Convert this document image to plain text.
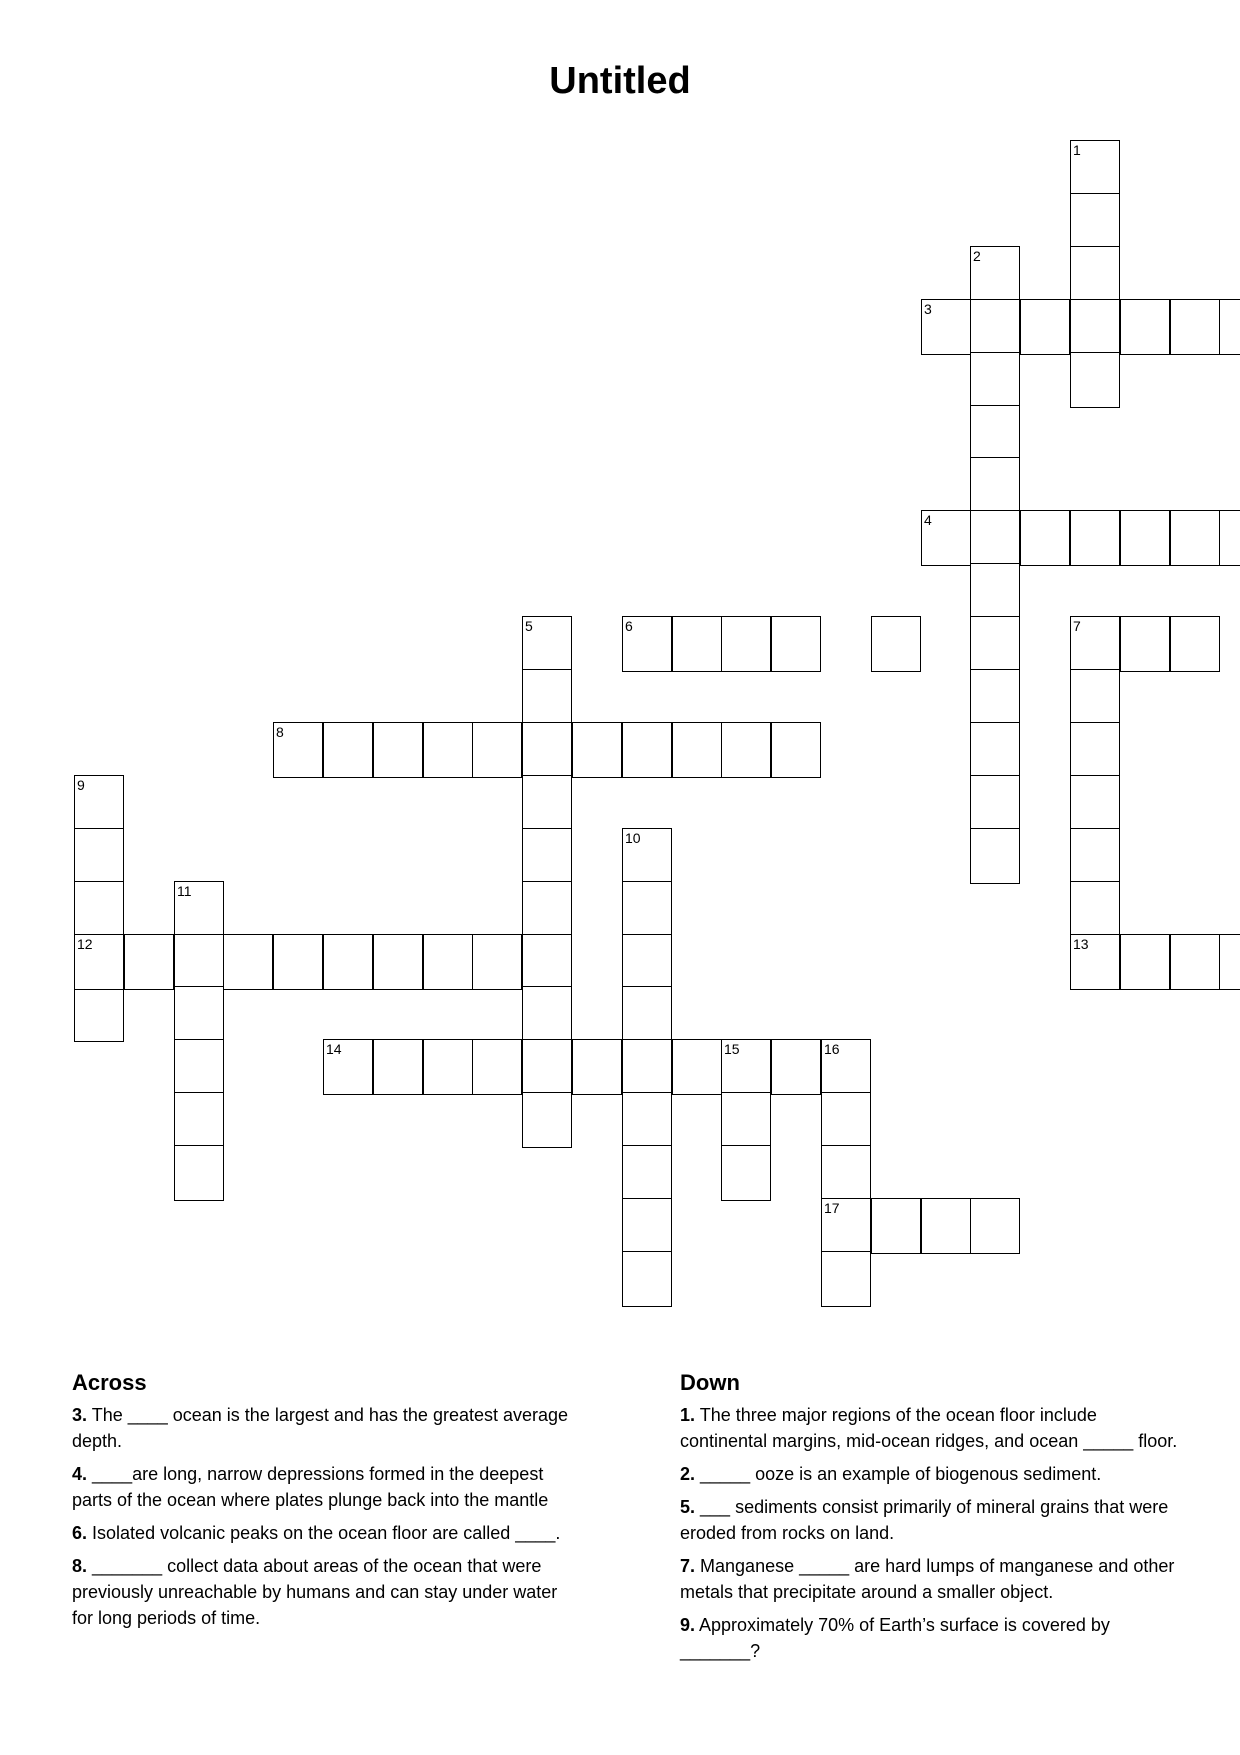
Untitled
1
2
3
4
6	7
5
8
9
11
10
12	13
14	15	16
17
Across
3. The ____ ocean is the largest and has the greatest average depth.
4. ____are long, narrow depressions formed in the deepest parts of the ocean where plates plunge back into the mantle
6. Isolated volcanic peaks on the ocean floor are called ____.
8. _______ collect data about areas of the ocean that were previously unreachable by humans and can stay under water for long periods of time.
Down
1. The three major regions of the ocean floor include continental margins, mid-ocean ridges, and ocean _____ floor.
2. _____ ooze is an example of biogenous sediment.
5. ___ sediments consist primarily of mineral grains that were eroded from rocks on land.
7. Manganese _____ are hard lumps of manganese and other metals that precipitate around a smaller object.
9. Approximately 70% of Earth’s surface is covered by _______?
